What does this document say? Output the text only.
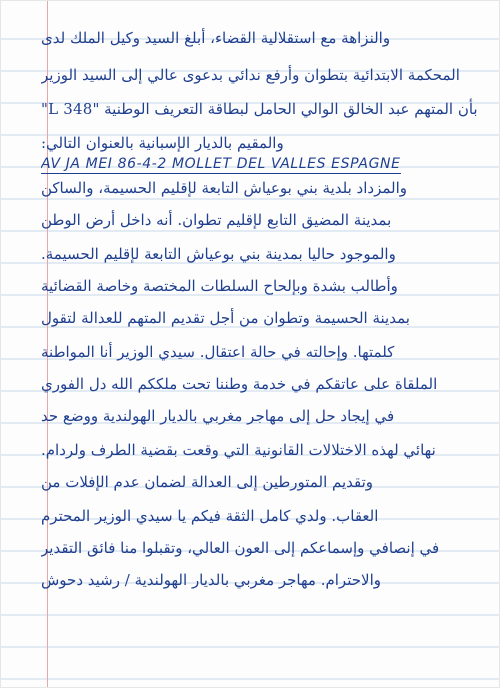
والنزاهة مع استقلالية القضاء، أبلغ السيد وكيل الملك لدى
المحكمة الابتدائية بتطوان وأرفع ندائي بدعوى عالي إلى السيد الوزير
بأن المتهم عبد الخالق الوالي الحامل لبطاقة التعريف الوطنية "L 348"
والمقيم بالديار الإسبانية بالعنوان التالي:
AV JA MEI 86-4-2 MOLLET DEL VALLES ESPAGNE
والمزداد بلدية بني بوعياش التابعة لإقليم الحسيمة، والساكن
بمدينة المضيق التابع لإقليم تطوان. أنه داخل أرض الوطن
والموجود حاليا بمدينة بني بوعياش التابعة لإقليم الحسيمة.
وأطالب بشدة وبإلحاح السلطات المختصة وخاصة القضائية
بمدينة الحسيمة وتطوان من أجل تقديم المتهم للعدالة لتقول
كلمتها. وإحالته في حالة اعتقال. سيدي الوزير أنا المواطنة
الملقاة على عاتقكم في خدمة وطننا تحت ملككم الله دل الفوري
في إيجاد حل إلى مهاجر مغربي بالديار الهولندية ووضع حد
نهائي لهذه الاختلالات القانونية التي وقعت بقضية الطرف ولردام.
وتقديم المتورطين إلى العدالة لضمان عدم الإفلات من
العقاب. ولدي كامل الثقة فيكم يا سيدي الوزير المحترم
في إنصافي وإسماعكم إلى العون العالي، وتقبلوا منا فائق التقدير
والاحترام. مهاجر مغربي بالديار الهولندية / رشيد دحوش
